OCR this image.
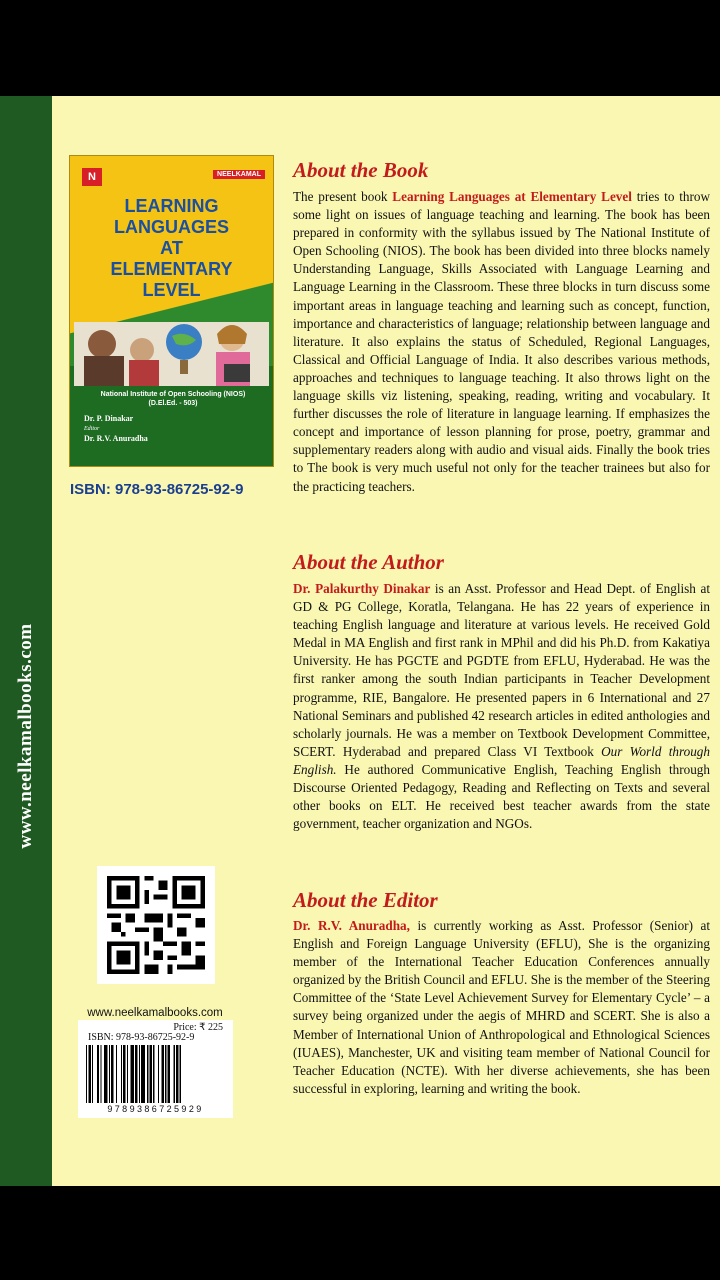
www.neelkamalbooks.com
N	NEELKAMAL
LEARNING LANGUAGES
AT
ELEMENTARY
LEVEL
National Institute of Open Schooling (NIOS)
(D.El.Ed. - 503)
Dr. P. Dinakar
Editor
Dr. R.V. Anuradha
ISBN: 978-93-86725-92-9
www.neelkamalbooks.com
Price: ₹ 225
ISBN: 978-93-86725-92-9
9789386725929
About the Book
The present book Learning Languages at Elementary Level tries to throw some light on issues of language teaching and learning. The book has been prepared in conformity with the syllabus issued by The National Institute of Open Schooling (NIOS). The book has been divided into three blocks namely Understanding Language, Skills Associated with Language Learning and Language Learning in the Classroom. These three blocks in turn discuss some important areas in language teaching and learning such as concept, function, importance and characteristics of language; relationship between language and literature. It also explains the status of Scheduled, Regional Languages, Classical and Official Language of India. It also describes various methods, approaches and techniques to language teaching. It also throws light on the language skills viz listening, speaking, reading, writing and vocabulary. It further discusses the role of literature in language learning. If emphasizes the concept and importance of lesson planning for prose, poetry, grammar and supplementary readers along with audio and visual aids. Finally the book tries to The book is very much useful not only for the teacher trainees but also for the practicing teachers.
About the Author
Dr. Palakurthy Dinakar is an Asst. Professor and Head Dept. of English at GD & PG College, Koratla, Telangana. He has 22 years of experience in teaching English language and literature at various levels. He received Gold Medal in MA English and first rank in MPhil and did his Ph.D. from Kakatiya University. He has PGCTE and PGDTE from EFLU, Hyderabad. He was the first ranker among the south Indian participants in Teacher Development programme, RIE, Bangalore. He presented papers in 6 International and 27 National Seminars and published 42 research articles in edited anthologies and scholarly journals. He was a member on Textbook Development Committee, SCERT. Hyderabad and prepared Class VI Textbook Our World through English. He authored Communicative English, Teaching English through Discourse Oriented Pedagogy, Reading and Reflecting on Texts and several other books on ELT. He received best teacher awards from the state government, teacher organization and NGOs.
About the Editor
Dr. R.V. Anuradha, is currently working as Asst. Professor (Senior) at English and Foreign Language University (EFLU), She is the organizing member of the International Teacher Education Conferences annually organized by the British Council and EFLU. She is the member of the Steering Committee of the ‘State Level Achievement Survey for Elementary Cycle’ – a survey being organized under the aegis of MHRD and SCERT. She is also a Member of International Union of Anthropological and Ethnological Sciences (IUAES), Manchester, UK and visiting team member of National Council for Teacher Education (NCTE). With her diverse achievements, she has been successful in exploring, learning and writing the book.
